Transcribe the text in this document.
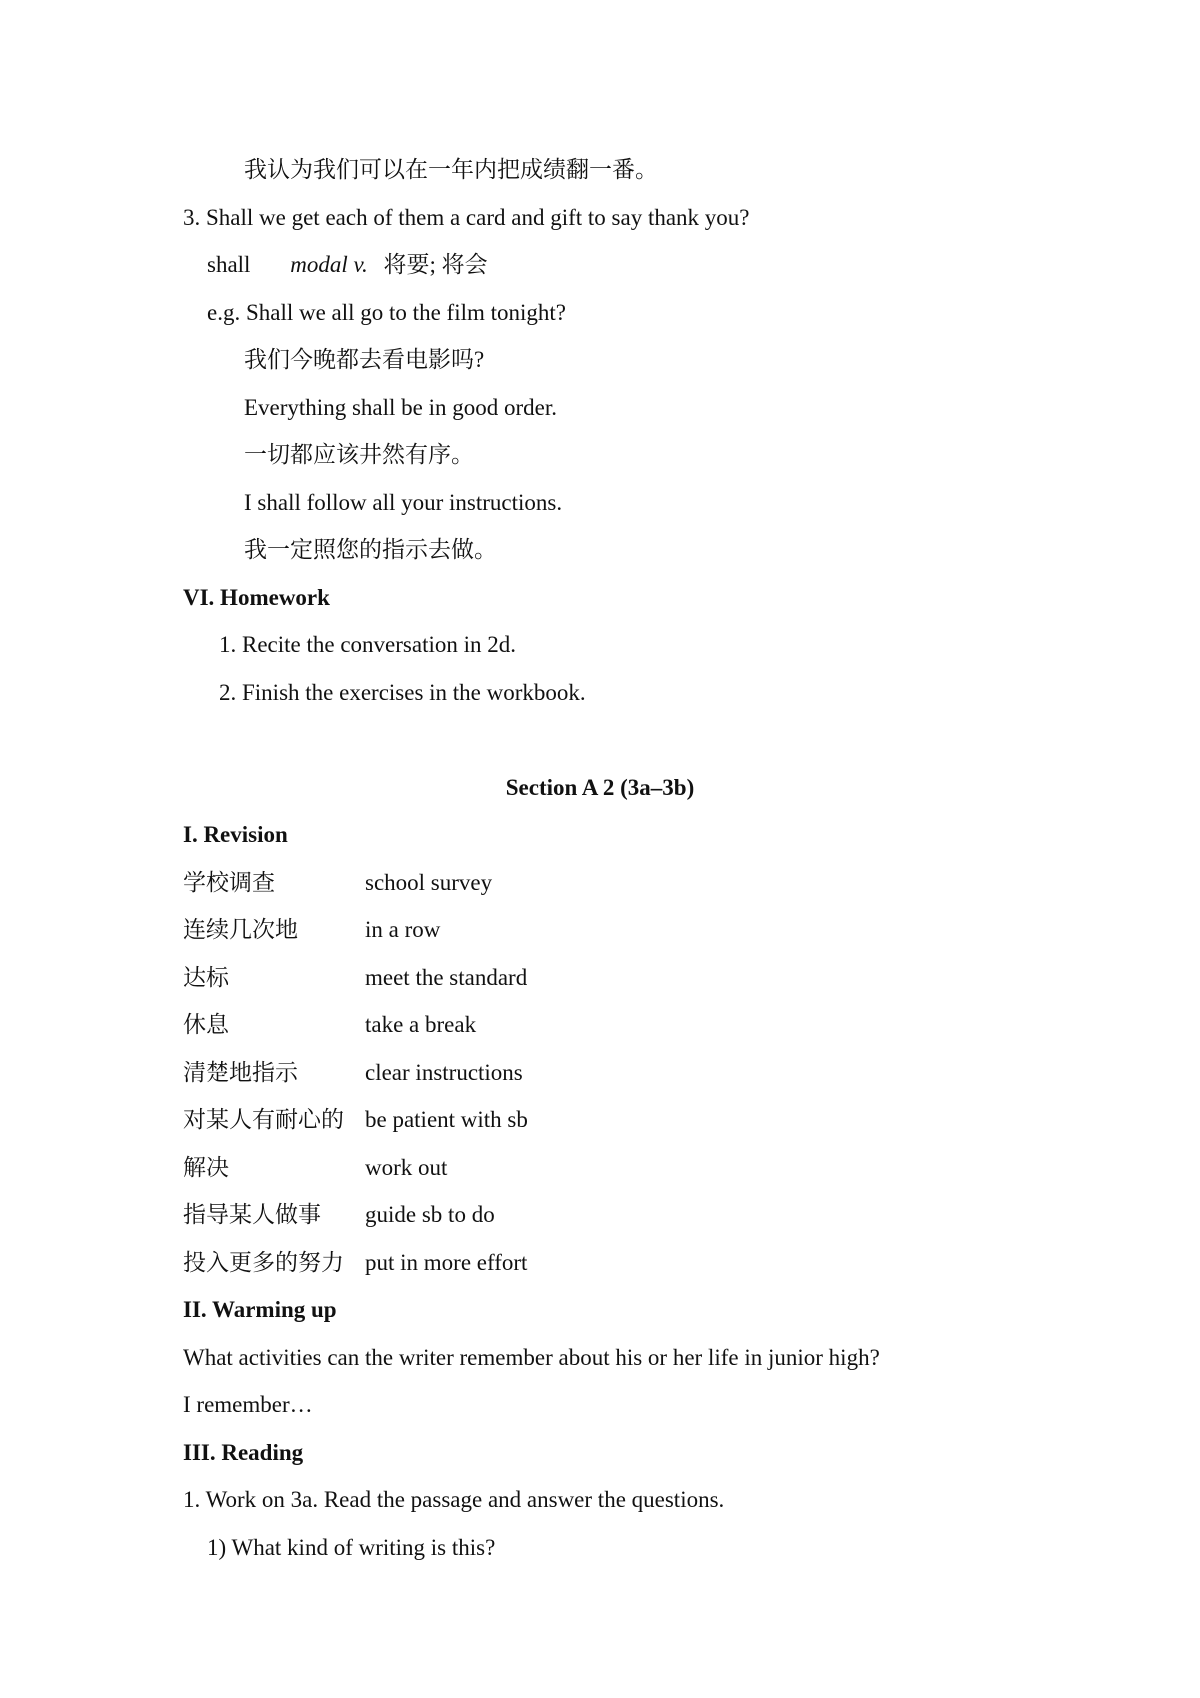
我认为我们可以在一年内把成绩翻一番。
3. Shall we get each of them a card and gift to say thank you?
shall modal v. 将要; 将会
e.g. Shall we all go to the film tonight?
我们今晚都去看电影吗?
Everything shall be in good order.
一切都应该井然有序。
I shall follow all your instructions.
我一定照您的指示去做。
VI. Homework
1. Recite the conversation in 2d.
2. Finish the exercises in the workbook.
Section A 2 (3a–3b)
I. Revision
学校调查	school survey
连续几次地	in a row
达标	meet the standard
休息	take a break
清楚地指示	clear instructions
对某人有耐心的 be patient with sb
解决	work out
指导某人做事 guide sb to do
投入更多的努力 put in more effort
II. Warming up
What activities can the writer remember about his or her life in junior high?
I remember…
III. Reading
1. Work on 3a. Read the passage and answer the questions.
1) What kind of writing is this?
